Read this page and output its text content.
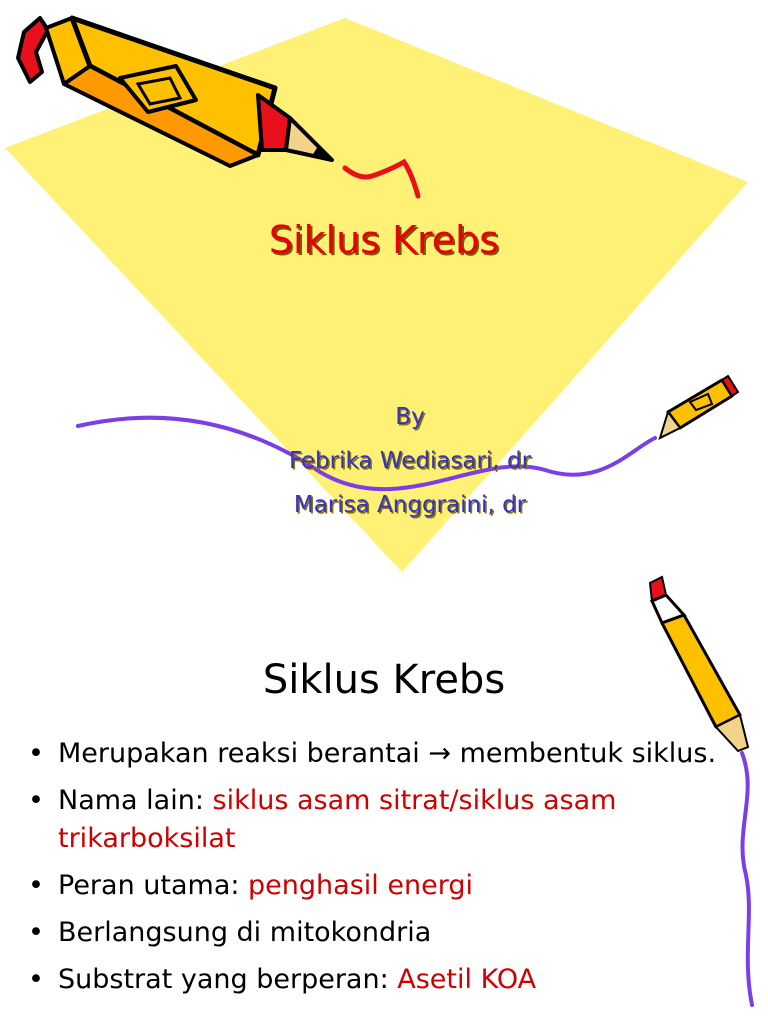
Siklus Krebs
By
Febrika Wediasari, dr
Marisa Anggraini, dr
Siklus Krebs
• Merupakan reaksi berantai → membentuk siklus.
• Nama lain: siklus asam sitrat/siklus asam trikarboksilat
• Peran utama: penghasil energi
• Berlangsung di mitokondria
• Substrat yang berperan: Asetil KOA
